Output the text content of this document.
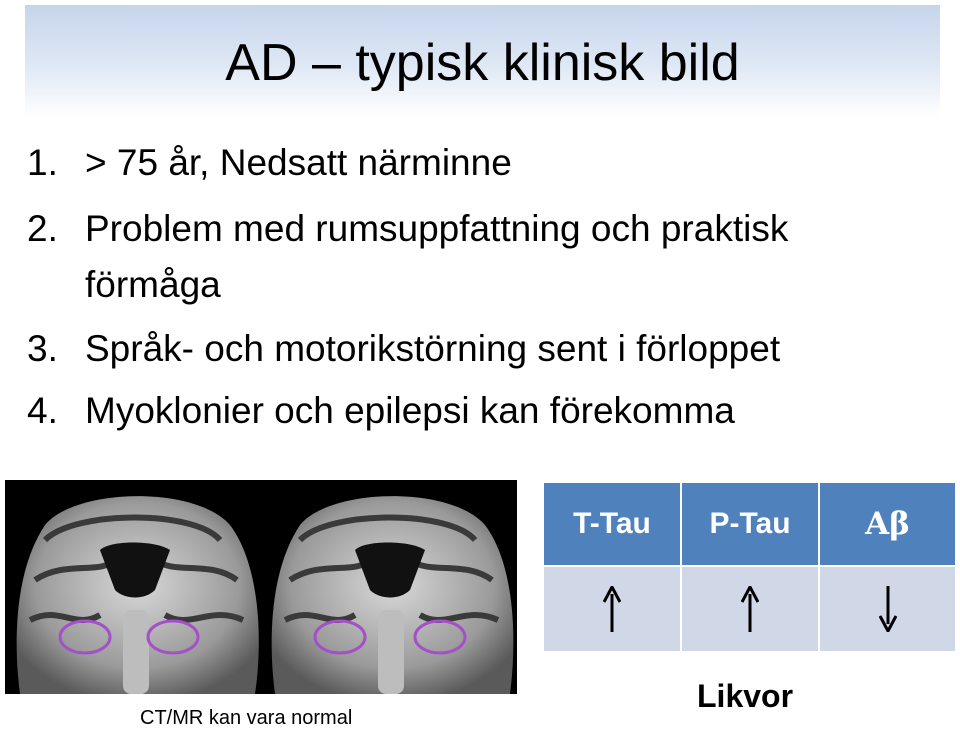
AD – typisk klinisk bild
1. > 75 år, Nedsatt närminne
2. Problem med rumsuppfattning och praktisk
förmåga
3. Språk- och motorikstörning sent i förloppet
4. Myoklonier och epilepsi kan förekomma
CT/MR kan vara normal
T-Tau	P-Tau	Aβ
Likvor
